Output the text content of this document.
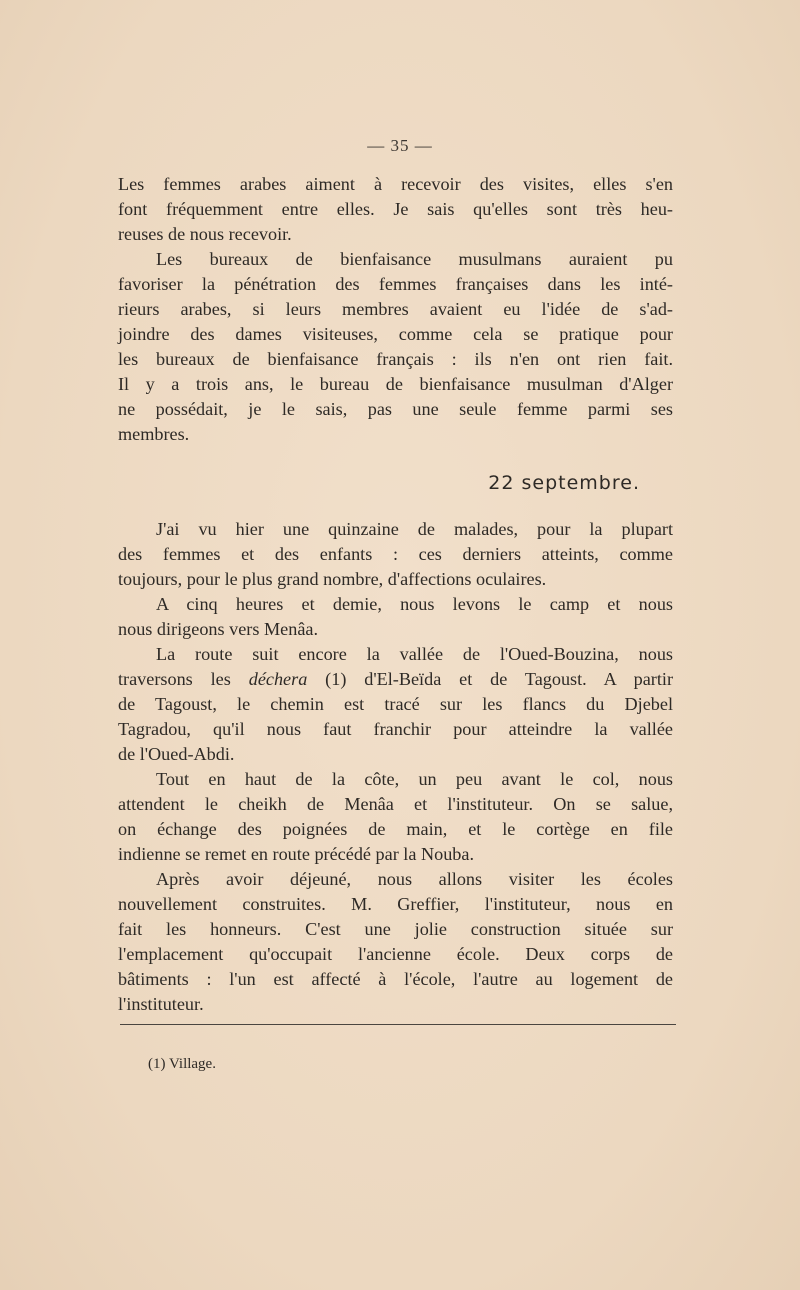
— 35 —

Les femmes arabes aiment à recevoir des visites, elles s'en
font fréquemment entre elles. Je sais qu'elles sont très heu-
reuses de nous recevoir.

Les bureaux de bienfaisance musulmans auraient pu
favoriser la pénétration des femmes françaises dans les inté-
rieurs arabes, si leurs membres avaient eu l'idée de s'ad-
joindre des dames visiteuses, comme cela se pratique pour
les bureaux de bienfaisance français : ils n'en ont rien fait.
Il y a trois ans, le bureau de bienfaisance musulman d'Alger
ne possédait, je le sais, pas une seule femme parmi ses
membres.

22 septembre.

J'ai vu hier une quinzaine de malades, pour la plupart
des femmes et des enfants : ces derniers atteints, comme
toujours, pour le plus grand nombre, d'affections oculaires.

A cinq heures et demie, nous levons le camp et nous
nous dirigeons vers Menâa.

La route suit encore la vallée de l'Oued-Bouzina, nous
traversons les déchera (1) d'El-Beïda et de Tagoust. A partir
de Tagoust, le chemin est tracé sur les flancs du Djebel
Tagradou, qu'il nous faut franchir pour atteindre la vallée
de l'Oued-Abdi.

Tout en haut de la côte, un peu avant le col, nous
attendent le cheikh de Menâa et l'instituteur. On se salue,
on échange des poignées de main, et le cortège en file
indienne se remet en route précédé par la Nouba.

Après avoir déjeuné, nous allons visiter les écoles
nouvellement construites. M. Greffier, l'instituteur, nous en
fait les honneurs. C'est une jolie construction située sur
l'emplacement qu'occupait l'ancienne école. Deux corps de
bâtiments : l'un est affecté à l'école, l'autre au logement de
l'instituteur.

(1) Village.
